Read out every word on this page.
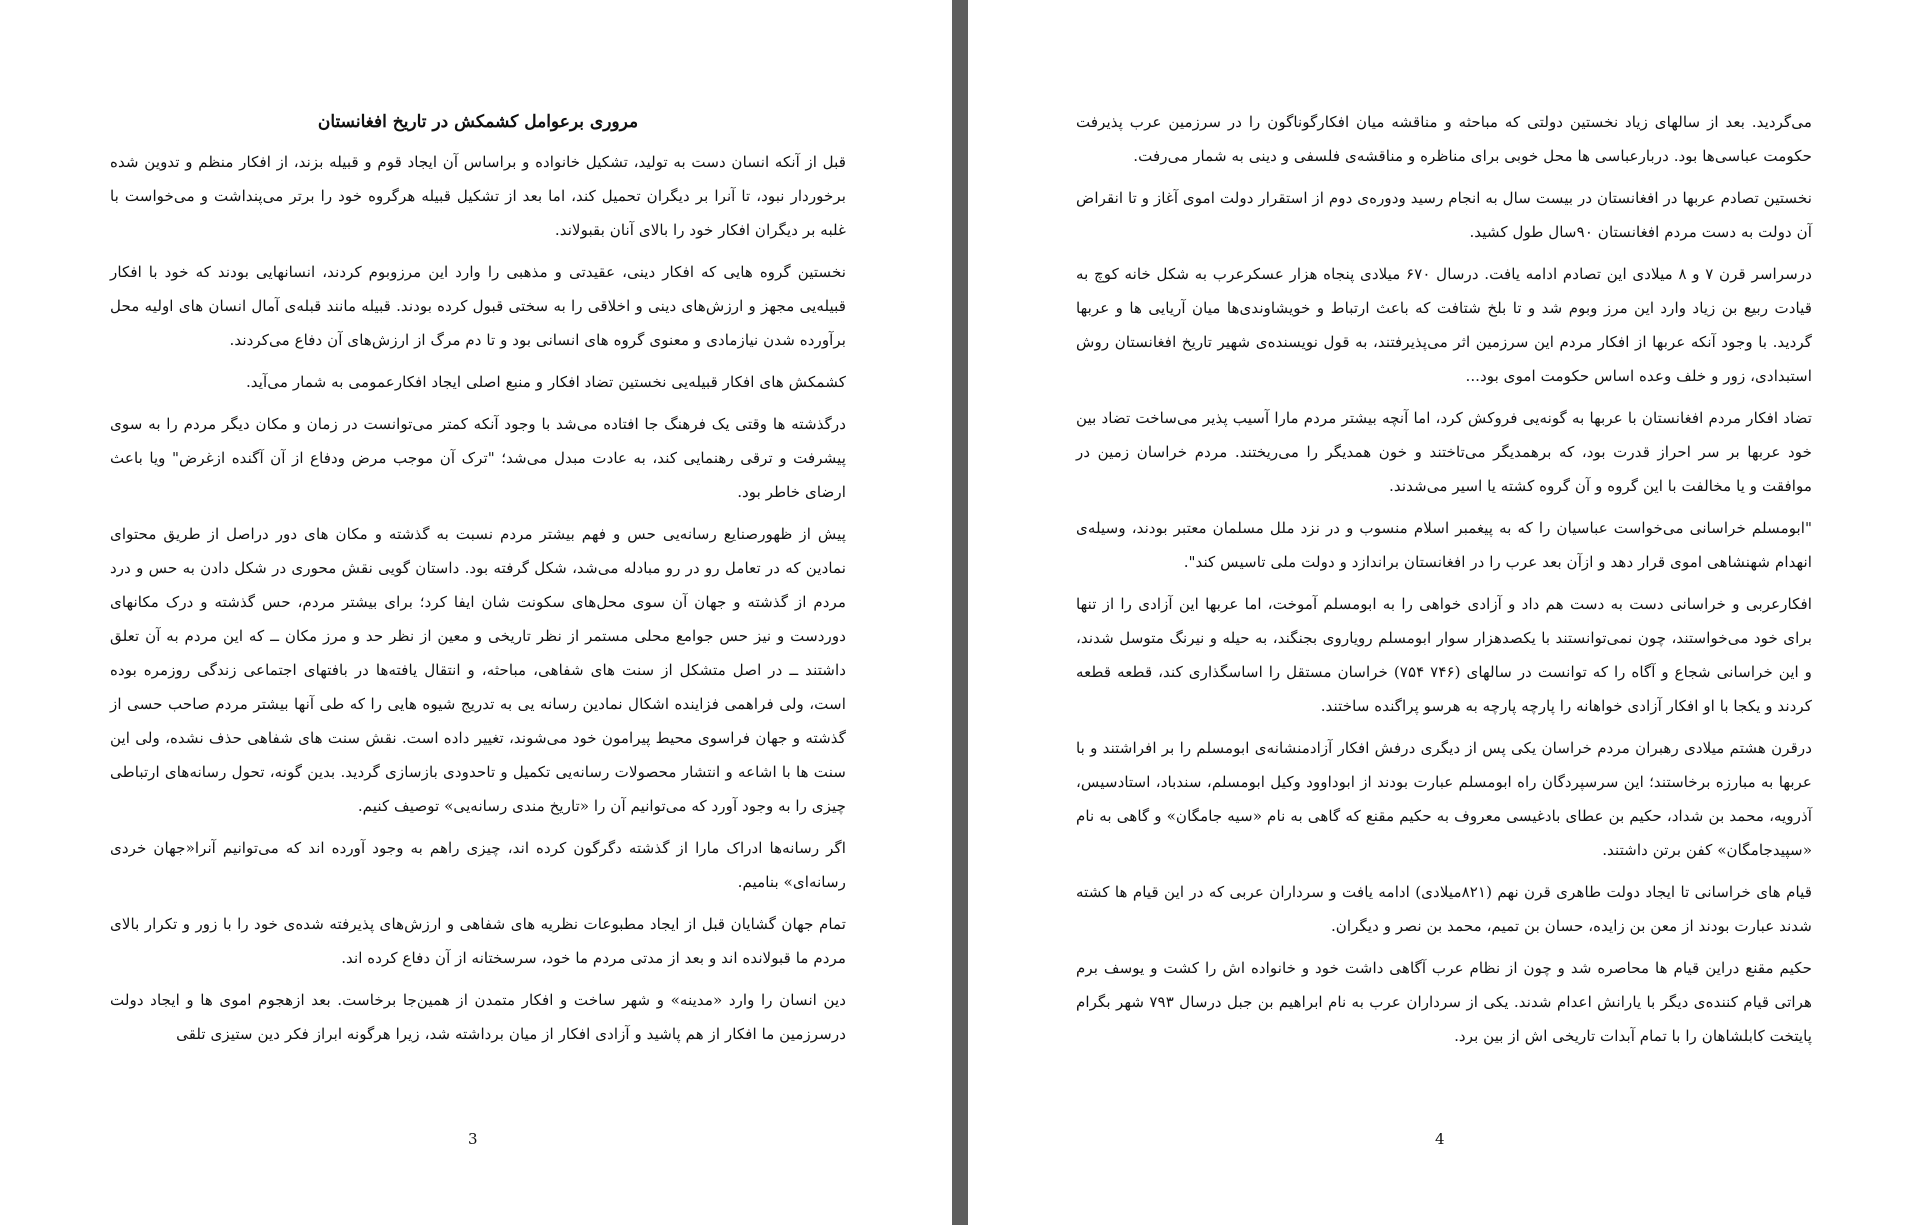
مروری برعوامل کشمکش در تاریخ افغانستان

قبل از آنکه انسان دست به تولید، تشکیل خانواده و براساس آن ایجاد قوم و قبیله بزند، از افکار منظم و تدوین شده برخوردار نبود، تا آنرا بر دیگران تحمیل کند، اما بعد از تشکیل قبیله هرگروه خود را برتر می‌پنداشت و می‌خواست با غلبه بر دیگران افکار خود را بالای آنان بقبولاند.

نخستین گروه هایی که افکار دینی، عقیدتی و مذهبی را وارد این مرزوبوم کردند، انسانهایی بودند که خود با افکار قبیله‌یی مجهز و ارزش‌های دینی و اخلاقی را به سختی قبول کرده بودند. قبیله مانند قبله‌ی آمال انسان های اولیه محل برآورده شدن نیازمادی و معنوی گروه های انسانی بود و تا دم مرگ از ارزش‌های آن دفاع می‌کردند.

کشمکش های افکار قبیله‌یی نخستین تضاد افکار و منبع اصلی ایجاد افکارعمومی به شمار می‌آید.

درگذشته ها وقتی یک فرهنگ جا افتاده می‌شد با وجود آنکه کمتر می‌توانست در زمان و مکان دیگر مردم را به سوی پیشرفت و ترقی رهنمایی کند، به عادت مبدل می‌شد؛ "ترک آن موجب مرض ودفاع از آن آگنده ازغرض" ویا باعث ارضای خاطر بود.

پیش از ظهورصنایع رسانه‌یی حس و فهم بیشتر مردم نسبت به گذشته و مکان های دور دراصل از طریق محتوای نمادین که در تعامل رو در رو مبادله می‌شد، شکل گرفته بود. داستان گویی نقش محوری در شکل دادن به حس و درد مردم از گذشته و جهان آن سوی محل‌های سکونت شان ایفا کرد؛ برای بیشتر مردم، حس گذشته و درک مکانهای دوردست و نیز حس جوامع محلی مستمر از نظر تاریخی و معین از نظر حد و مرز مکان ــ که این مردم به آن تعلق داشتند ــ در اصل متشکل از سنت های شفاهی، مباحثه، و انتقال یافته‌ها در بافتهای اجتماعی زندگی روزمره بوده است، ولی فراهمی فزاینده اشکال نمادین رسانه یی به تدریج شیوه هایی را که طی آنها بیشتر مردم صاحب حسی از گذشته و جهان فراسوی محیط پیرامون خود می‌شوند، تغییر داده است. نقش سنت های شفاهی حذف نشده، ولی این سنت ها با اشاعه و انتشار محصولات رسانه‌یی تکمیل و تاحدودی بازسازی گردید. بدین گونه، تحول رسانه‌های ارتباطی چیزی را به وجود آورد که می‌توانیم آن را «تاریخ مندی رسانه‌یی» توصیف کنیم.

اگر رسانه‌ها ادراک مارا از گذشته دگرگون کرده اند، چیزی راهم به وجود آورده اند که می‌توانیم آنرا«جهان خردی رسانه‌ای» بنامیم.

تمام جهان گشایان قبل از ایجاد مطبوعات نظریه های شفاهی و ارزش‌های پذیرفته شده‌ی خود را با زور و تکرار بالای مردم ما قبولانده اند و بعد از مدتی مردم ما خود، سرسختانه از آن دفاع کرده اند.

دین انسان را وارد «مدینه» و شهر ساخت و افکار متمدن از همین‌جا برخاست. بعد ازهجوم اموی ها و ایجاد دولت درسرزمین ما افکار از هم پاشید و آزادی افکار از میان برداشته شد، زیرا هرگونه ابراز فکر دین ستیزی تلقی

3

می‌گردید. بعد از سالهای زیاد نخستین دولتی که مباحثه و مناقشه میان افکارگوناگون را در سرزمین عرب پذیرفت حکومت عباسی‌ها بود. دربارعباسی ها محل خوبی برای مناظره و مناقشه‌ی فلسفی و دینی به شمار می‌رفت.

نخستین تصادم عربها در افغانستان در بیست سال به انجام رسید ودوره‌ی دوم از استقرار دولت اموی آغاز و تا انقراض آن دولت به دست مردم افغانستان ۹۰سال طول کشید.

درسراسر قرن ۷ و ۸ میلادی این تصادم ادامه یافت. درسال ۶۷۰ میلادی پنجاه هزار عسکرعرب به شکل خانه کوچ به قیادت ربیع بن زیاد وارد این مرز وبوم شد و تا بلخ شتافت که باعث ارتباط و خویشاوندی‌ها میان آریایی ها و عربها گردید. با وجود آنکه عربها از افکار مردم این سرزمین اثر می‌پذیرفتند، به قول نویسنده‌ی شهیر تاریخ افغانستان روش استبدادی، زور و خلف وعده اساس حکومت اموی بود...

تضاد افکار مردم افغانستان با عربها به گونه‌یی فروکش کرد، اما آنچه بیشتر مردم مارا آسیب پذیر می‌ساخت تضاد بین خود عربها بر سر احراز قدرت بود، که برهمدیگر می‌تاختند و خون همدیگر را می‌ریختند. مردم خراسان زمین در موافقت و یا مخالفت با این گروه و آن گروه کشته یا اسیر می‌شدند.

"ابومسلم خراسانی می‌خواست عباسیان را که به پیغمبر اسلام منسوب و در نزد ملل مسلمان معتبر بودند، وسیله‌ی انهدام شهنشاهی اموی قرار دهد و ازآن بعد عرب را در افغانستان براندازد و دولت ملی تاسیس کند".

افکارعربی و خراسانی دست به دست هم داد و آزادی خواهی را به ابومسلم آموخت، اما عربها این آزادی را از تنها برای خود می‌خواستند، چون نمی‌توانستند با یکصدهزار سوار ابومسلم رویاروی بجنگند، به حیله و نیرنگ متوسل شدند، و این خراسانی شجاع و آگاه را که توانست در سالهای (۷۴۶ ۷۵۴) خراسان مستقل را اساسگذاری کند، قطعه قطعه کردند و یکجا با او افکار آزادی خواهانه را پارچه پارچه به هرسو پراگنده ساختند.

درقرن هشتم میلادی رهبران مردم خراسان یکی پس از دیگری درفش افکار آزادمنشانه‌ی ابومسلم را بر افراشتند و با عربها به مبارزه برخاستند؛ این سرسپردگان راه ابومسلم عبارت بودند از ابوداوود وکیل ابومسلم، سندباد، استادسیس، آذرویه، محمد بن شداد، حکیم بن عطای بادغیسی معروف به حکیم مقنع که گاهی به نام «سیه جامگان» و گاهی به نام «سپیدجامگان» کفن برتن داشتند.

قیام های خراسانی تا ایجاد دولت طاهری قرن نهم (۸۲۱میلادی) ادامه یافت و سرداران عربی که در این قیام ها کشته شدند عبارت بودند از معن بن زایده، حسان بن تمیم، محمد بن نصر و دیگران.

حکیم مقنع دراین قیام ها محاصره شد و چون از نظام عرب آگاهی داشت خود و خانواده اش را کشت و یوسف برم هراتی قیام کننده‌ی دیگر با یارانش اعدام شدند. یکی از سرداران عرب به نام ابراهیم بن جبل درسال ۷۹۳ شهر بگرام پایتخت کابلشاهان را با تمام آبدات تاریخی اش از بین برد.

4
